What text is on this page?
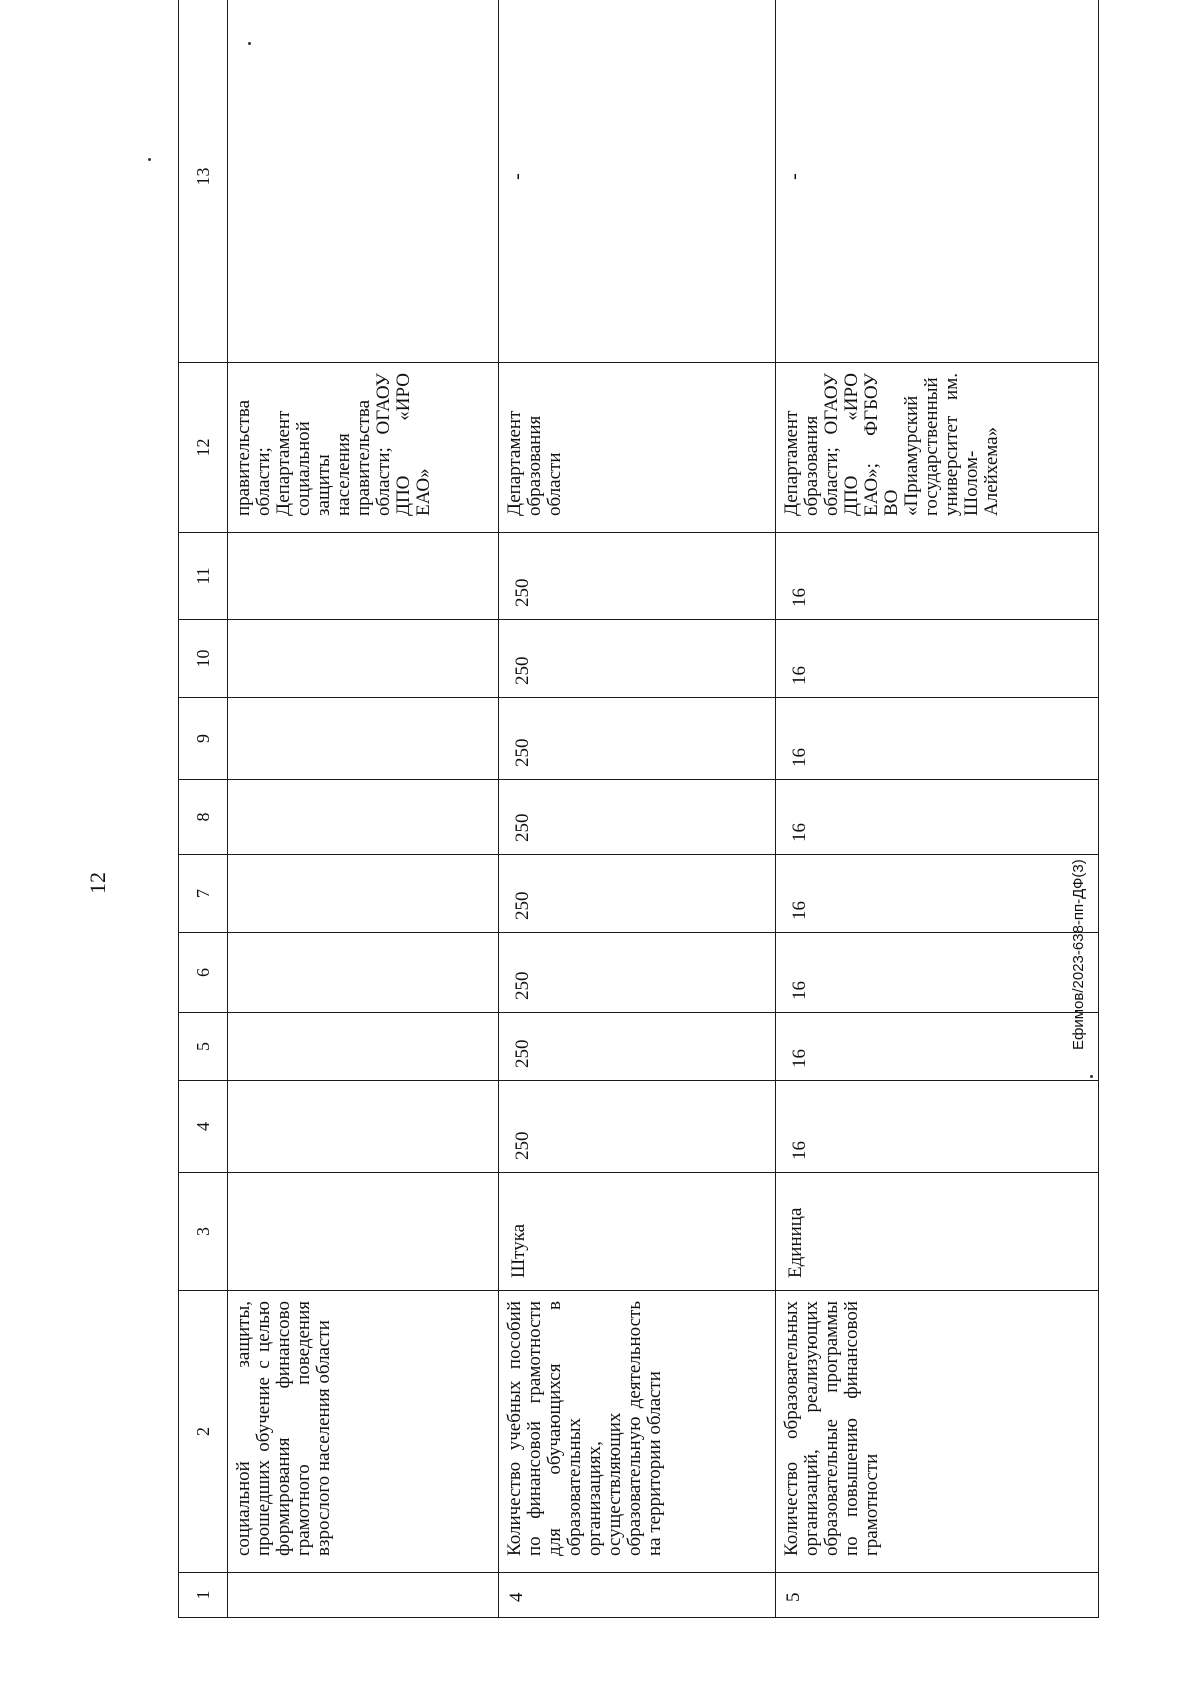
12	Ефимов/2023-638-пп-ДФ(3)
1	2	3	4	5	6	7	8	9	10	11	12	13

	социальной защиты, прошедших обучение с целью формирования финансово грамотного поведения взрослого населения области										правительства области; Департамент социальной защиты населения правительства области; ОГАОУ ДПО «ИРО ЕАО»	

4	Количество учебных пособий по финансовой грамотности для обучающихся в образовательных организациях, осуществляющих образовательную деятельность на территории области	Штука	250	250	250	250	250	250	250	250	Департамент образования области	-

5	Количество образовательных организаций, реализующих образовательные программы по повышению финансовой грамотности	Единица	16	16	16	16	16	16	16	16	Департамент образования области; ОГАОУ ДПО «ИРО ЕАО»; ФГБОУ ВО «Приамурский государственный университет им. Шолом-Алейхема»	-
